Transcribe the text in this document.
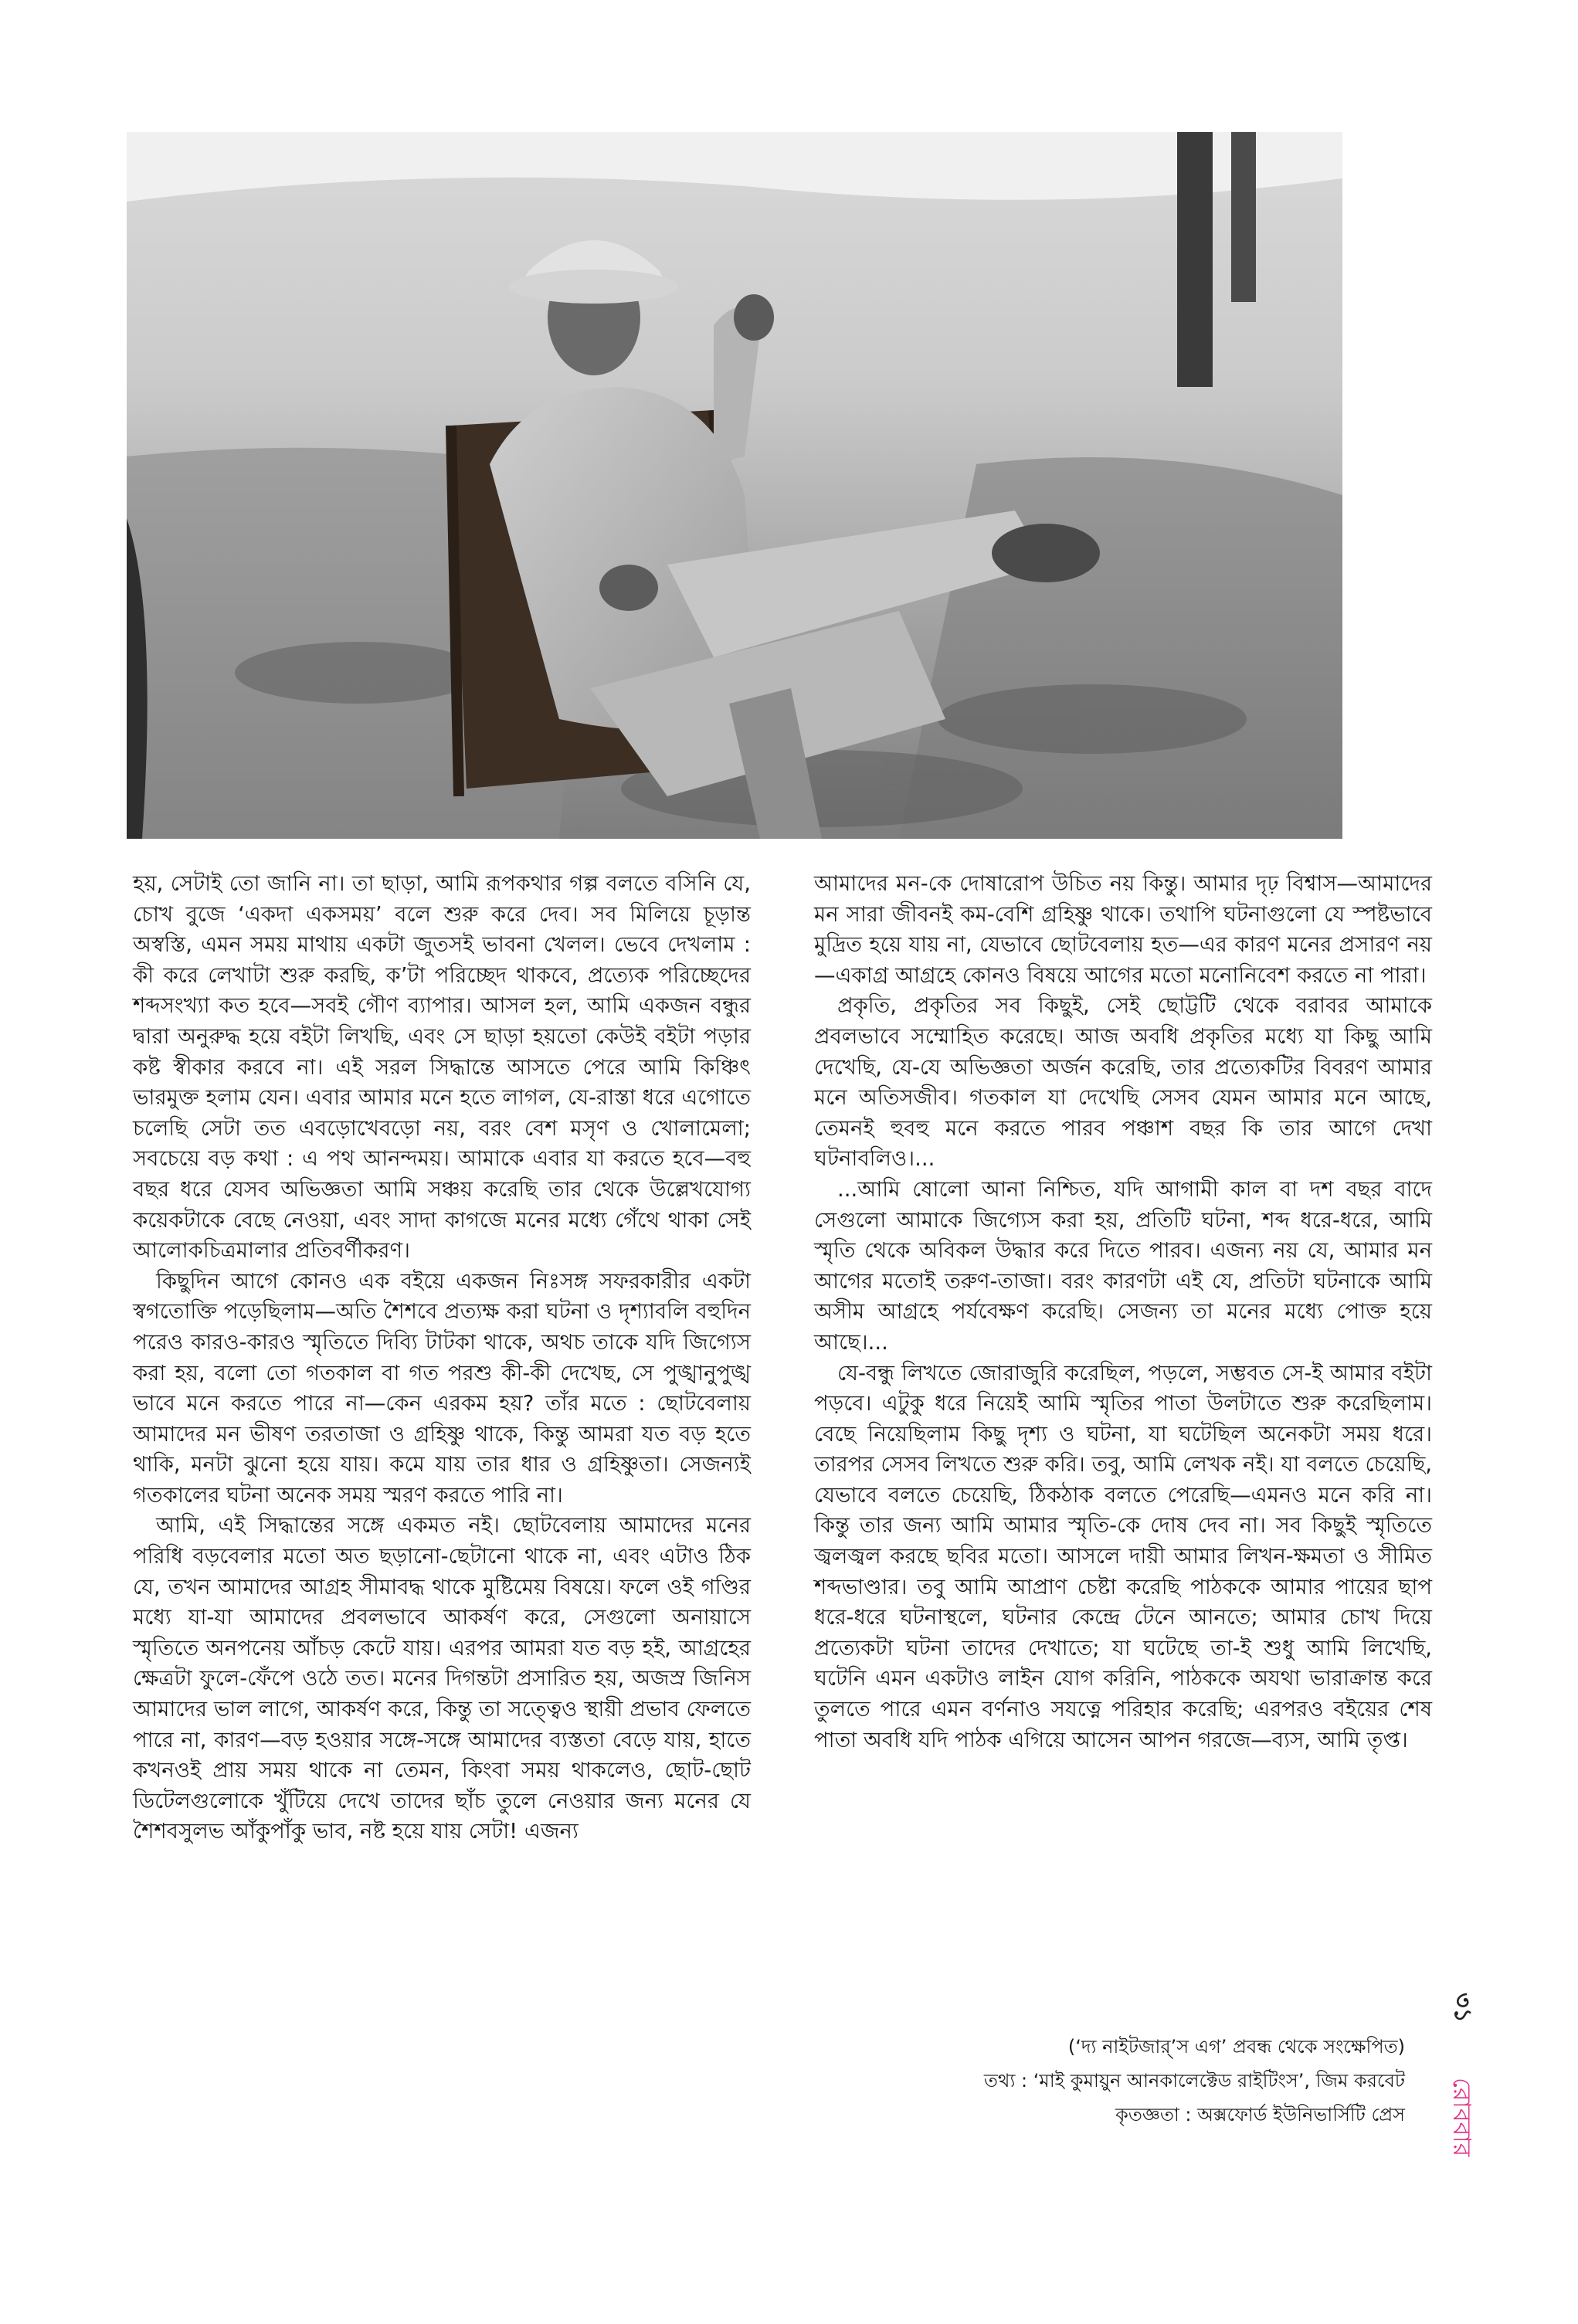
হয়, সেটাই তো জানি না। তা ছাড়া, আমি রূপকথার গল্প বলতে বসিনি যে, চোখ বুজে ‘একদা একসময়’ বলে শুরু করে দেব। সব মিলিয়ে চূড়ান্ত অস্বস্তি, এমন সময় মাথায় একটা জুতসই ভাবনা খেলল। ভেবে দেখলাম : কী করে লেখাটা শুরু করছি, ক’টা পরিচ্ছেদ থাকবে, প্রত্যেক পরিচ্ছেদের শব্দসংখ্যা কত হবে—সবই গৌণ ব্যাপার। আসল হল, আমি একজন বন্ধুর দ্বারা অনুরুদ্ধ হয়ে বইটা লিখছি, এবং সে ছাড়া হয়তো কেউই বইটা পড়ার কষ্ট স্বীকার করবে না। এই সরল সিদ্ধান্তে আসতে পেরে আমি কিঞ্চিৎ ভারমুক্ত হলাম যেন। এবার আমার মনে হতে লাগল, যে-রাস্তা ধরে এগোতে চলেছি সেটা তত এবড়োখেবড়ো নয়, বরং বেশ মসৃণ ও খোলামেলা; সবচেয়ে বড় কথা : এ পথ আনন্দময়। আমাকে এবার যা করতে হবে—বহু বছর ধরে যেসব অভিজ্ঞতা আমি সঞ্চয় করেছি তার থেকে উল্লেখযোগ্য কয়েকটাকে বেছে নেওয়া, এবং সাদা কাগজে মনের মধ্যে গেঁথে থাকা সেই আলোকচিত্রমালার প্রতিবর্ণীকরণ।

কিছুদিন আগে কোনও এক বইয়ে একজন নিঃসঙ্গ সফরকারীর একটা স্বগতোক্তি পড়েছিলাম—অতি শৈশবে প্রত্যক্ষ করা ঘটনা ও দৃশ্যাবলি বহুদিন পরেও কারও-কারও স্মৃতিতে দিব্যি টাটকা থাকে, অথচ তাকে যদি জিগ্যেস করা হয়, বলো তো গতকাল বা গত পরশু কী-কী দেখেছ, সে পুঙ্খানুপুঙ্খ ভাবে মনে করতে পারে না—কেন এরকম হয়? তাঁর মতে : ছোটবেলায় আমাদের মন ভীষণ তরতাজা ও গ্রহিষ্ণু থাকে, কিন্তু আমরা যত বড় হতে থাকি, মনটা ঝুনো হয়ে যায়। কমে যায় তার ধার ও গ্রহিষ্ণুতা। সেজন্যই গতকালের ঘটনা অনেক সময় স্মরণ করতে পারি না।

আমি, এই সিদ্ধান্তের সঙ্গে একমত নই। ছোটবেলায় আমাদের মনের পরিধি বড়বেলার মতো অত ছড়ানো-ছেটানো থাকে না, এবং এটাও ঠিক যে, তখন আমাদের আগ্রহ সীমাবদ্ধ থাকে মুষ্টিমেয় বিষয়ে। ফলে ওই গণ্ডির মধ্যে যা-যা আমাদের প্রবলভাবে আকর্ষণ করে, সেগুলো অনায়াসে স্মৃতিতে অনপনেয় আঁচড় কেটে যায়। এরপর আমরা যত বড় হই, আগ্রহের ক্ষেত্রটা ফুলে-ফেঁপে ওঠে তত। মনের দিগন্তটা প্রসারিত হয়, অজস্র জিনিস আমাদের ভাল লাগে, আকর্ষণ করে, কিন্তু তা সত্ত্বেও স্থায়ী প্রভাব ফেলতে পারে না, কারণ—বড় হওয়ার সঙ্গে-সঙ্গে আমাদের ব্যস্ততা বেড়ে যায়, হাতে কখনওই প্রায় সময় থাকে না তেমন, কিংবা সময় থাকলেও, ছোট-ছোট ডিটেলগুলোকে খুঁটিয়ে দেখে তাদের ছাঁচ তুলে নেওয়ার জন্য মনের যে শৈশবসুলভ আঁকুপাঁকু ভাব, নষ্ট হয়ে যায় সেটা! এজন্য

আমাদের মন-কে দোষারোপ উচিত নয় কিন্তু। আমার দৃঢ় বিশ্বাস—আমাদের মন সারা জীবনই কম-বেশি গ্রহিষ্ণু থাকে। তথাপি ঘটনাগুলো যে স্পষ্টভাবে মুদ্রিত হয়ে যায় না, যেভাবে ছোটবেলায় হত—এর কারণ মনের প্রসারণ নয়—একাগ্র আগ্রহে কোনও বিষয়ে আগের মতো মনোনিবেশ করতে না পারা।

প্রকৃতি, প্রকৃতির সব কিছুই, সেই ছোট্টটি থেকে বরাবর আমাকে প্রবলভাবে সম্মোহিত করেছে। আজ অবধি প্রকৃতির মধ্যে যা কিছু আমি দেখেছি, যে-যে অভিজ্ঞতা অর্জন করেছি, তার প্রত্যেকটির বিবরণ আমার মনে অতিসজীব। গতকাল যা দেখেছি সেসব যেমন আমার মনে আছে, তেমনই হুবহু মনে করতে পারব পঞ্চাশ বছর কি তার আগে দেখা ঘটনাবলিও।...

...আমি ষোলো আনা নিশ্চিত, যদি আগামী কাল বা দশ বছর বাদে সেগুলো আমাকে জিগ্যেস করা হয়, প্রতিটি ঘটনা, শব্দ ধরে-ধরে, আমি স্মৃতি থেকে অবিকল উদ্ধার করে দিতে পারব। এজন্য নয় যে, আমার মন আগের মতোই তরুণ-তাজা। বরং কারণটা এই যে, প্রতিটা ঘটনাকে আমি অসীম আগ্রহে পর্যবেক্ষণ করেছি। সেজন্য তা মনের মধ্যে পোক্ত হয়ে আছে।...

যে-বন্ধু লিখতে জোরাজুরি করেছিল, পড়লে, সম্ভবত সে-ই আমার বইটা পড়বে। এটুকু ধরে নিয়েই আমি স্মৃতির পাতা উলটাতে শুরু করেছিলাম। বেছে নিয়েছিলাম কিছু দৃশ্য ও ঘটনা, যা ঘটেছিল অনেকটা সময় ধরে। তারপর সেসব লিখতে শুরু করি। তবু, আমি লেখক নই। যা বলতে চেয়েছি, যেভাবে বলতে চেয়েছি, ঠিকঠাক বলতে পেরেছি—এমনও মনে করি না। কিন্তু তার জন্য আমি আমার স্মৃতি-কে দোষ দেব না। সব কিছুই স্মৃতিতে জ্বলজ্বল করছে ছবির মতো। আসলে দায়ী আমার লিখন-ক্ষমতা ও সীমিত শব্দভাণ্ডার। তবু আমি আপ্রাণ চেষ্টা করেছি পাঠককে আমার পায়ের ছাপ ধরে-ধরে ঘটনাস্থলে, ঘটনার কেন্দ্রে টেনে আনতে; আমার চোখ দিয়ে প্রত্যেকটা ঘটনা তাদের দেখাতে; যা ঘটেছে তা-ই শুধু আমি লিখেছি, ঘটেনি এমন একটাও লাইন যোগ করিনি, পাঠককে অযথা ভারাক্রান্ত করে তুলতে পারে এমন বর্ণনাও সযত্নে পরিহার করেছি; এরপরও বইয়ের শেষ পাতা অবধি যদি পাঠক এগিয়ে আসেন আপন গরজে—ব্যস, আমি তৃপ্ত।

(‘দ্য নাইটজার্’স এগ’ প্রবন্ধ থেকে সংক্ষেপিত)
তথ্য : ‘মাই কুমায়ুন আনকালেক্টেড রাইটিংস’, জিম করবেট
কৃতজ্ঞতা : অক্সফোর্ড ইউনিভার্সিটি প্রেস
৩১
রোববার
